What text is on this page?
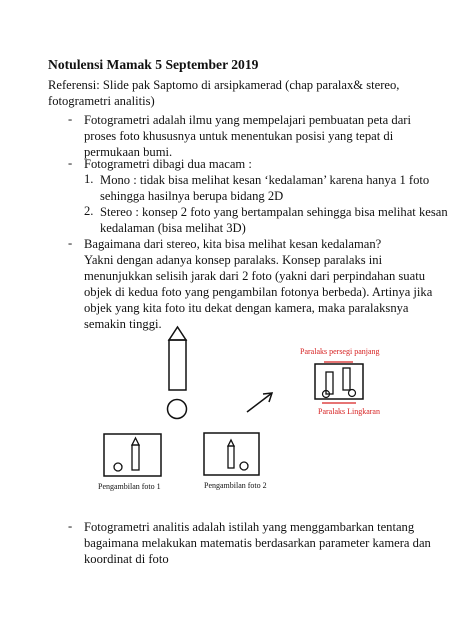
Notulensi Mamak 5 September 2019
Referensi: Slide pak Saptomo di arsipkamerad (chap paralax& stereo,
fotogrametri analitis)
- Fotogrametri adalah ilmu yang mempelajari pembuatan peta dari
proses foto khususnya untuk menentukan posisi yang tepat di
permukaan bumi.
- Fotogrametri dibagi dua macam :
1. Mono : tidak bisa melihat kesan ‘kedalaman’ karena hanya 1 foto
sehingga hasilnya berupa bidang 2D
2. Stereo : konsep 2 foto yang bertampalan sehingga bisa melihat kesan
kedalaman (bisa melihat 3D)
- Bagaimana dari stereo, kita bisa melihat kesan kedalaman?
Yakni dengan adanya konsep paralaks. Konsep paralaks ini
menunjukkan selisih jarak dari 2 foto (yakni dari perpindahan suatu
objek di kedua foto yang pengambilan fotonya berbeda). Artinya jika
objek yang kita foto itu dekat dengan kamera, maka paralaksnya
semakin tinggi.
Pengambilan foto 1	Pengambilan foto 2
Paralaks persegi panjang
Paralaks Lingkaran
- Fotogrametri analitis adalah istilah yang menggambarkan tentang
bagaimana melakukan matematis berdasarkan parameter kamera dan
koordinat di foto
